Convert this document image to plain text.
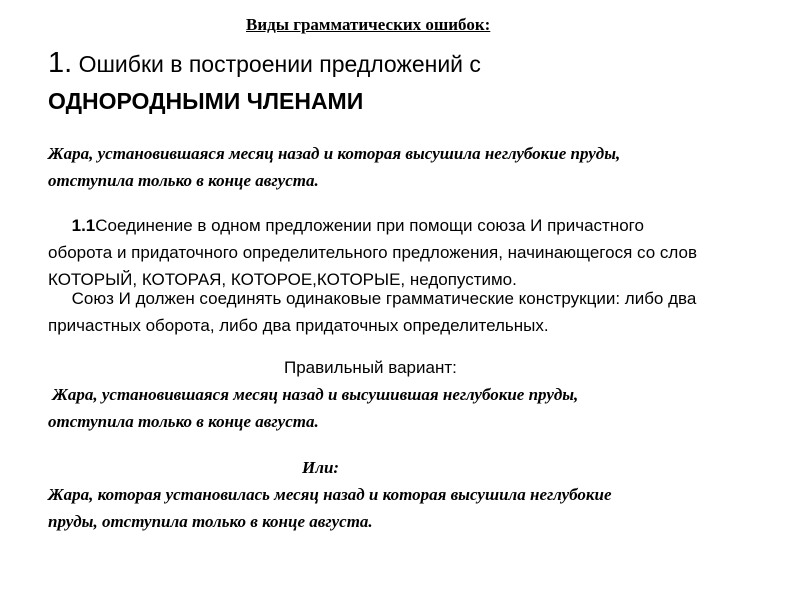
Виды грамматических ошибок:
1. Ошибки в построении предложений с
ОДНОРОДНЫМИ ЧЛЕНАМИ
Жара, установившаяся месяц назад и которая высушила неглубокие пруды,
отступила только в конце августа.
1.1Соединение в одном предложении при помощи союза И причастного
оборота и придаточного определительного предложения, начинающегося со слов
КОТОРЫЙ, КОТОРАЯ, КОТОРОЕ,КОТОРЫЕ, недопустимо.
Союз И должен соединять одинаковые грамматические конструкции: либо два
причастных оборота, либо два придаточных определительных.
Правильный вариант:
Жара, установившаяся месяц назад и высушившая неглубокие пруды,
отступила только в конце августа.
Или:
Жара, которая установилась месяц назад и которая высушила неглубокие
пруды, отступила только в конце августа.
